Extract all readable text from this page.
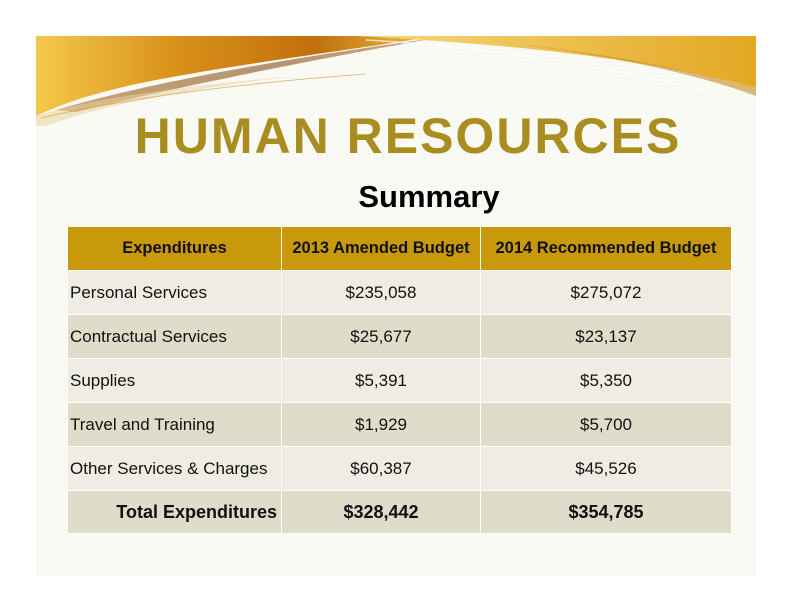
HUMAN RESOURCES
Summary
Expenditures	2013 Amended Budget	2014 Recommended Budget
Personal Services	$235,058	$275,072
Contractual Services	$25,677	$23,137
Supplies	$5,391	$5,350
Travel and Training	$1,929	$5,700
Other Services & Charges	$60,387	$45,526
Total Expenditures	$328,442	$354,785
